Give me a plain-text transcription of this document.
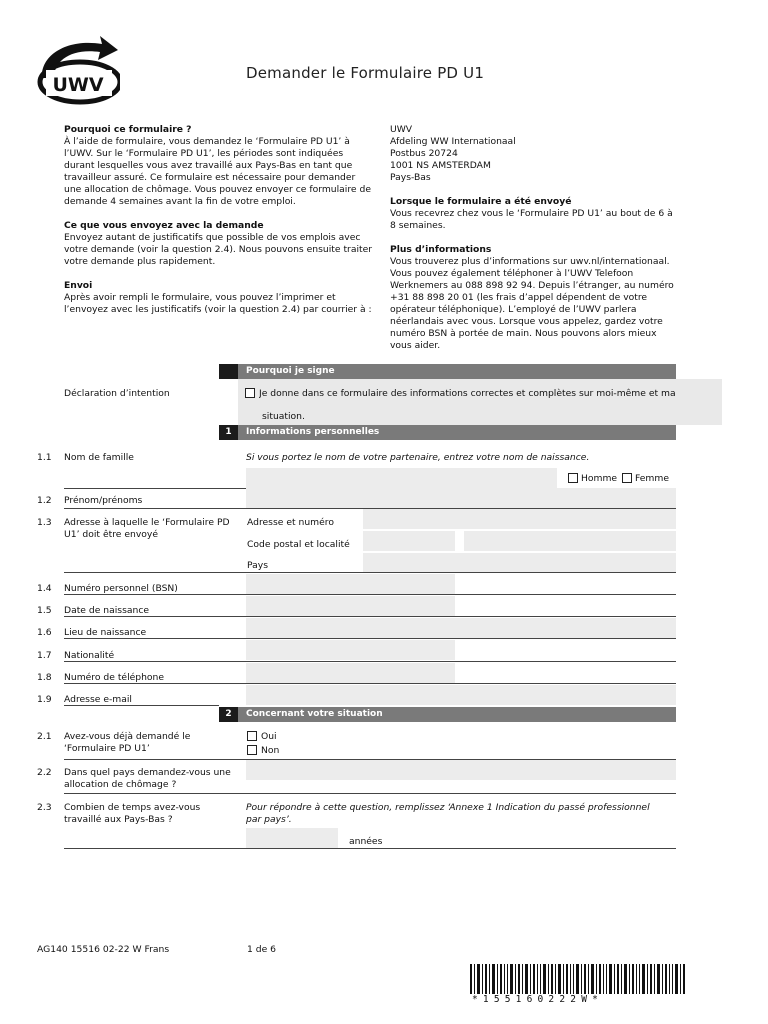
UWV
Demander le Formulaire PD U1
Pourquoi ce formulaire ?

À l’aide de formulaire, vous demandez le ‘Formulaire PD U1’ à l’UWV. Sur le ‘Formulaire PD U1’, les périodes sont indiquées durant lesquelles vous avez travaillé aux Pays-Bas en tant que travailleur assuré. Ce formulaire est nécessaire pour demander une allocation de chômage. Vous pouvez envoyer ce formulaire de demande 4 semaines avant la fin de votre emploi.

Ce que vous envoyez avec la demande

Envoyez autant de justificatifs que possible de vos emplois avec votre demande (voir la question 2.4). Nous pouvons ensuite traiter votre demande plus rapidement.

Envoi

Après avoir rempli le formulaire, vous pouvez l’imprimer et l’envoyez avec les justificatifs (voir la question 2.4) par courrier à :

UWV

Afdeling WW Internationaal

Postbus 20724

1001 NS AMSTERDAM

Pays-Bas

Lorsque le formulaire a été envoyé

Vous recevrez chez vous le ‘Formulaire PD U1’ au bout de 6 à 8 semaines.

Plus d’informations

Vous trouverez plus d’informations sur uwv.nl/internationaal. Vous pouvez également téléphoner à l’UWV Telefoon Werknemers au 088 898 92 94. Depuis l’étranger, au numéro +31 88 898 20 01 (les frais d’appel dépendent de votre opérateur téléphonique). L’employé de l’UWV parlera néerlandais avec vous. Lorsque vous appelez, gardez votre numéro BSN à portée de main. Nous pouvons alors mieux vous aider.

Pourquoi je signe
Déclaration d’intention	Je donne dans ce formulaire des informations correctes et complètes sur moi-même et ma
situation.
1	Informations personnelles
1.1 Nom de famille	Si vous portez le nom de votre partenaire, entrez votre nom de naissance.
Homme Femme
1.2 Prénom/prénoms
1.3 Adresse à laquelle le ‘Formulaire PD U1’ doit être envoyé
Adresse et numéro
Code postal et localité
Pays
1.4 Numéro personnel (BSN)
1.5 Date de naissance
1.6 Lieu de naissance
1.7 Nationalité
1.8 Numéro de téléphone
1.9 Adresse e-mail
2	Concernant votre situation
2.1 Avez-vous déjà demandé le ‘Formulaire PD U1’
Oui
Non
2.2 Dans quel pays demandez-vous une allocation de chômage ?
2.3 Combien de temps avez-vous travaillé aux Pays-Bas ?
Pour répondre à cette question, remplissez ‘Annexe 1 Indication du passé professionnel par pays’.
années
AG140 15516 02-22 W Frans	1 de 6
*155160222W*
